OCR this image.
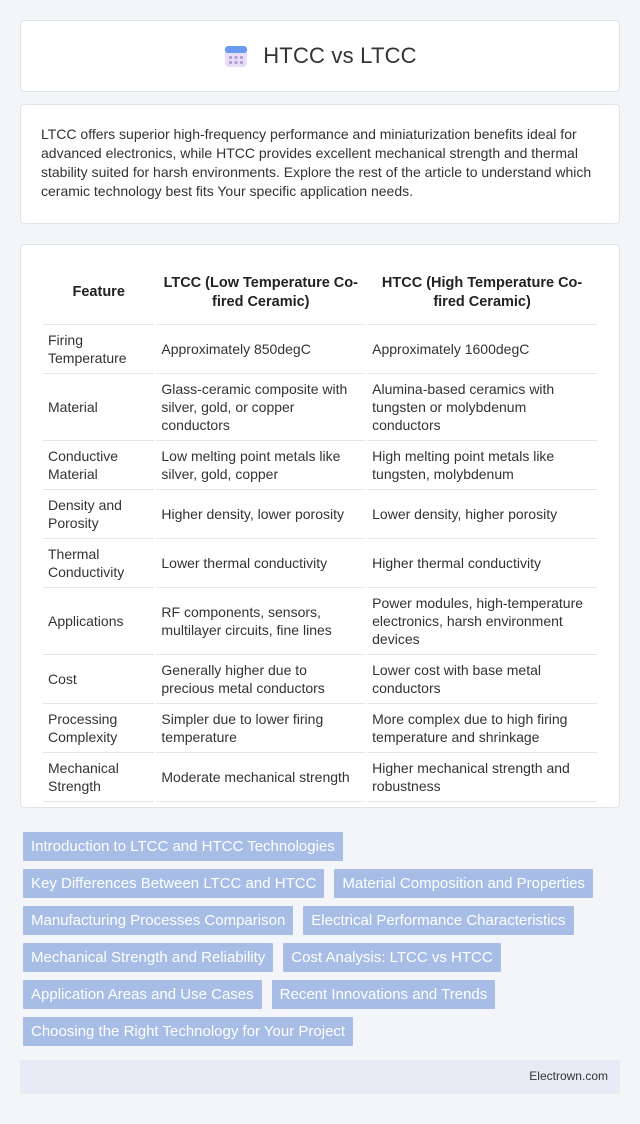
HTCC vs LTCC

LTCC offers superior high-frequency performance and miniaturization benefits ideal for advanced electronics, while HTCC provides excellent mechanical strength and thermal stability suited for harsh environments. Explore the rest of the article to understand which ceramic technology best fits Your specific application needs.

Feature	LTCC (Low Temperature Co-fired Ceramic)	HTCC (High Temperature Co-fired Ceramic)
Firing Temperature	Approximately 850degC	Approximately 1600degC
Material	Glass-ceramic composite with silver, gold, or copper conductors	Alumina-based ceramics with tungsten or molybdenum conductors
Conductive Material	Low melting point metals like silver, gold, copper	High melting point metals like tungsten, molybdenum
Density and Porosity	Higher density, lower porosity	Lower density, higher porosity
Thermal Conductivity	Lower thermal conductivity	Higher thermal conductivity
Applications	RF components, sensors, multilayer circuits, fine lines	Power modules, high-temperature electronics, harsh environment devices
Cost	Generally higher due to precious metal conductors	Lower cost with base metal conductors
Processing Complexity	Simpler due to lower firing temperature	More complex due to high firing temperature and shrinkage
Mechanical Strength	Moderate mechanical strength	Higher mechanical strength and robustness
Introduction to LTCC and HTCC Technologies
Key Differences Between LTCC and HTCC	Material Composition and Properties
Manufacturing Processes Comparison	Electrical Performance Characteristics
Mechanical Strength and Reliability	Cost Analysis: LTCC vs HTCC
Application Areas and Use Cases	Recent Innovations and Trends
Choosing the Right Technology for Your Project
Electrown.com
